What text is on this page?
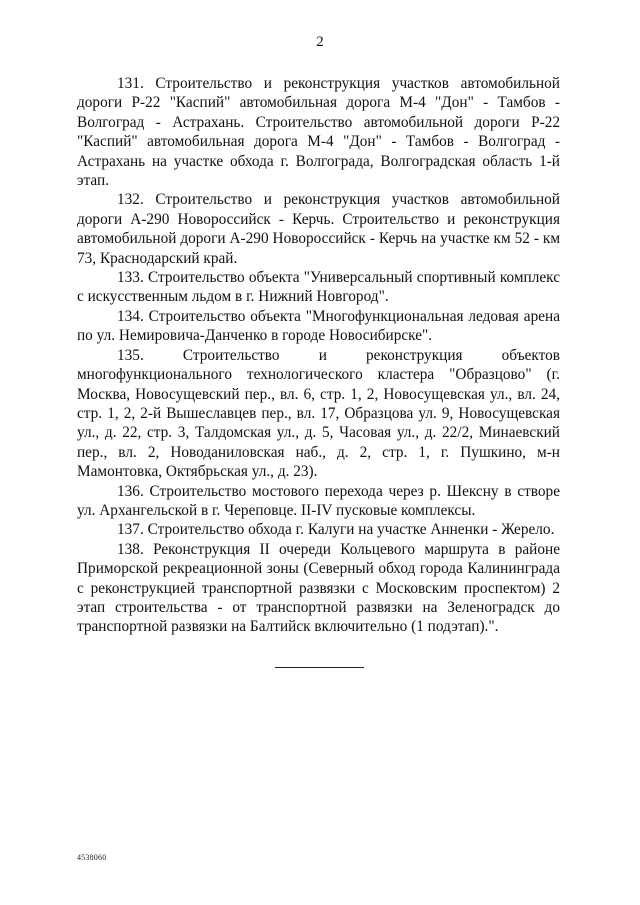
2

131. Строительство и реконструкция участков автомобильной дороги Р-22 "Каспий" автомобильная дорога М-4 "Дон" - Тамбов - Волгоград - Астрахань. Строительство автомобильной дороги Р-22 "Каспий" автомобильная дорога М-4 "Дон" - Тамбов - Волгоград - Астрахань на участке обхода г. Волгограда, Волгоградская область 1-й этап.

132. Строительство и реконструкция участков автомобильной дороги А-290 Новороссийск - Керчь. Строительство и реконструкция автомобильной дороги А-290 Новороссийск - Керчь на участке км 52 - км 73, Краснодарский край.

133. Строительство объекта "Универсальный спортивный комплекс с искусственным льдом в г. Нижний Новгород".

134. Строительство объекта "Многофункциональная ледовая арена по ул. Немировича-Данченко в городе Новосибирске".

135. Строительство и реконструкция объектов многофункционального технологического кластера "Образцово" (г. Москва, Новосущевский пер., вл. 6, стр. 1, 2, Новосущевская ул., вл. 24, стр. 1, 2, 2-й Вышеславцев пер., вл. 17, Образцова ул. 9, Новосущевская ул., д. 22, стр. 3, Талдомская ул., д. 5, Часовая ул., д. 22/2, Минаевский пер., вл. 2, Новоданиловская наб., д. 2, стр. 1, г. Пушкино, м-н Мамонтовка, Октябрьская ул., д. 23).

136. Строительство мостового перехода через р. Шексну в створе ул. Архангельской в г. Череповце. II-IV пусковые комплексы.

137. Строительство обхода г. Калуги на участке Анненки - Жерело.

138. Реконструкция II очереди Кольцевого маршрута в районе Приморской рекреационной зоны (Северный обход города Калининграда с реконструкцией транспортной развязки с Московским проспектом) 2 этап строительства - от транспортной развязки на Зеленоградск до транспортной развязки на Балтийск включительно (1 подэтап).".

4538060
